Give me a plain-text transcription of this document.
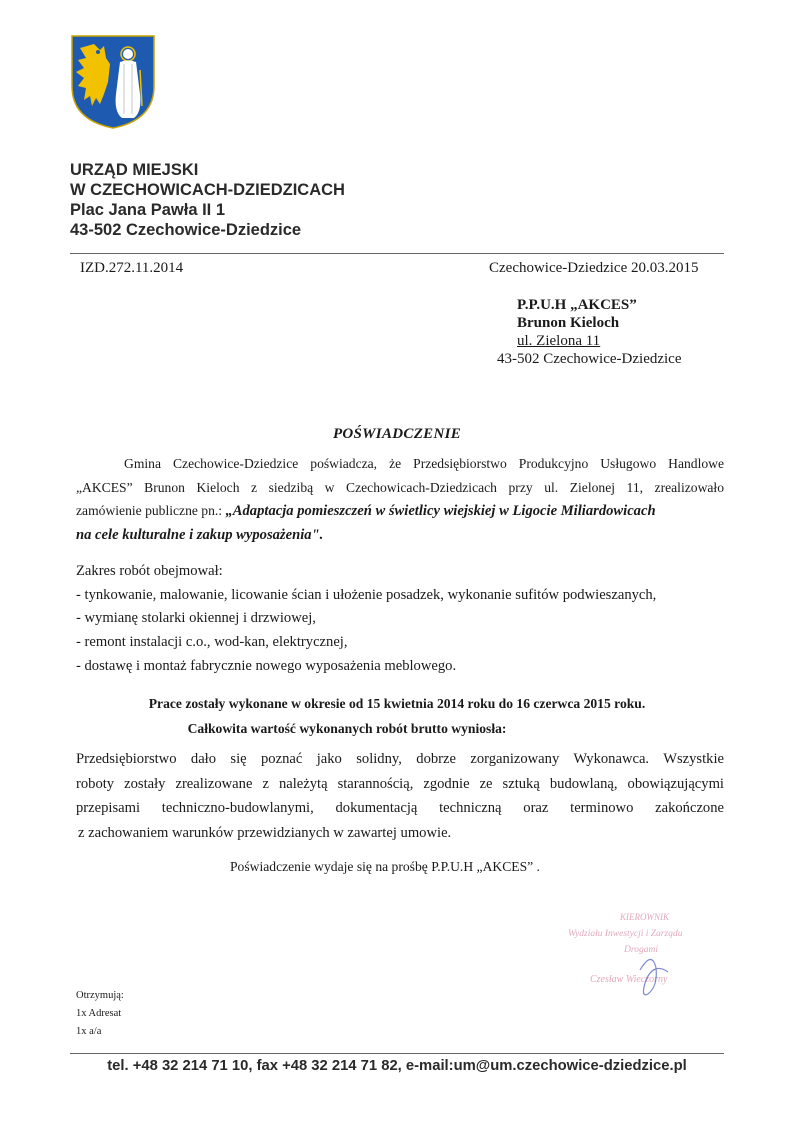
URZĄD MIEJSKI
W CZECHOWICACH-DZIEDZICACH
Plac Jana Pawła II 1
43-502 Czechowice-Dziedzice
IZD.272.11.2014	Czechowice-Dziedzice 20.03.2015
P.P.U.H „AKCES”
Brunon Kieloch
ul. Zielona 11
43-502 Czechowice-Dziedzice
POŚWIADCZENIE
Gmina Czechowice-Dziedzice poświadcza, że Przedsiębiorstwo Produkcyjno Usługowo Handlowe
„AKCES” Brunon Kieloch z siedzibą w Czechowicach-Dziedzicach przy ul. Zielonej 11, zrealizowało
zamówienie publiczne pn.: „Adaptacja pomieszczeń w świetlicy wiejskiej w Ligocie Miliardowicach
na cele kulturalne i zakup wyposażenia".
Zakres robót obejmował:
- tynkowanie, malowanie, licowanie ścian i ułożenie posadzek, wykonanie sufitów podwieszanych,
- wymianę stolarki okiennej i drzwiowej,
- remont instalacji c.o., wod-kan, elektrycznej,
- dostawę i montaż fabrycznie nowego wyposażenia meblowego.
Prace zostały wykonane w okresie od 15 kwietnia 2014 roku do 16 czerwca 2015 roku.
Całkowita wartość wykonanych robót brutto wyniosła:
Przedsiębiorstwo dało się poznać jako solidny, dobrze zorganizowany Wykonawca. Wszystkie
roboty zostały zrealizowane z należytą starannością, zgodnie ze sztuką budowlaną, obowiązującymi
przepisami techniczno-budowlanymi, dokumentacją techniczną oraz terminowo zakończone
z zachowaniem warunków przewidzianych w zawartej umowie.
Poświadczenie wydaje się na prośbę P.P.U.H „AKCES” .
KIEROWNIK
Wydziału Inwestycji i Zarządu
Drogami
Czesław Wieczorny
Otrzymują:
1x Adresat
1x a/a
tel. +48 32 214 71 10, fax +48 32 214 71 82, e-mail:um@um.czechowice-dziedzice.pl
